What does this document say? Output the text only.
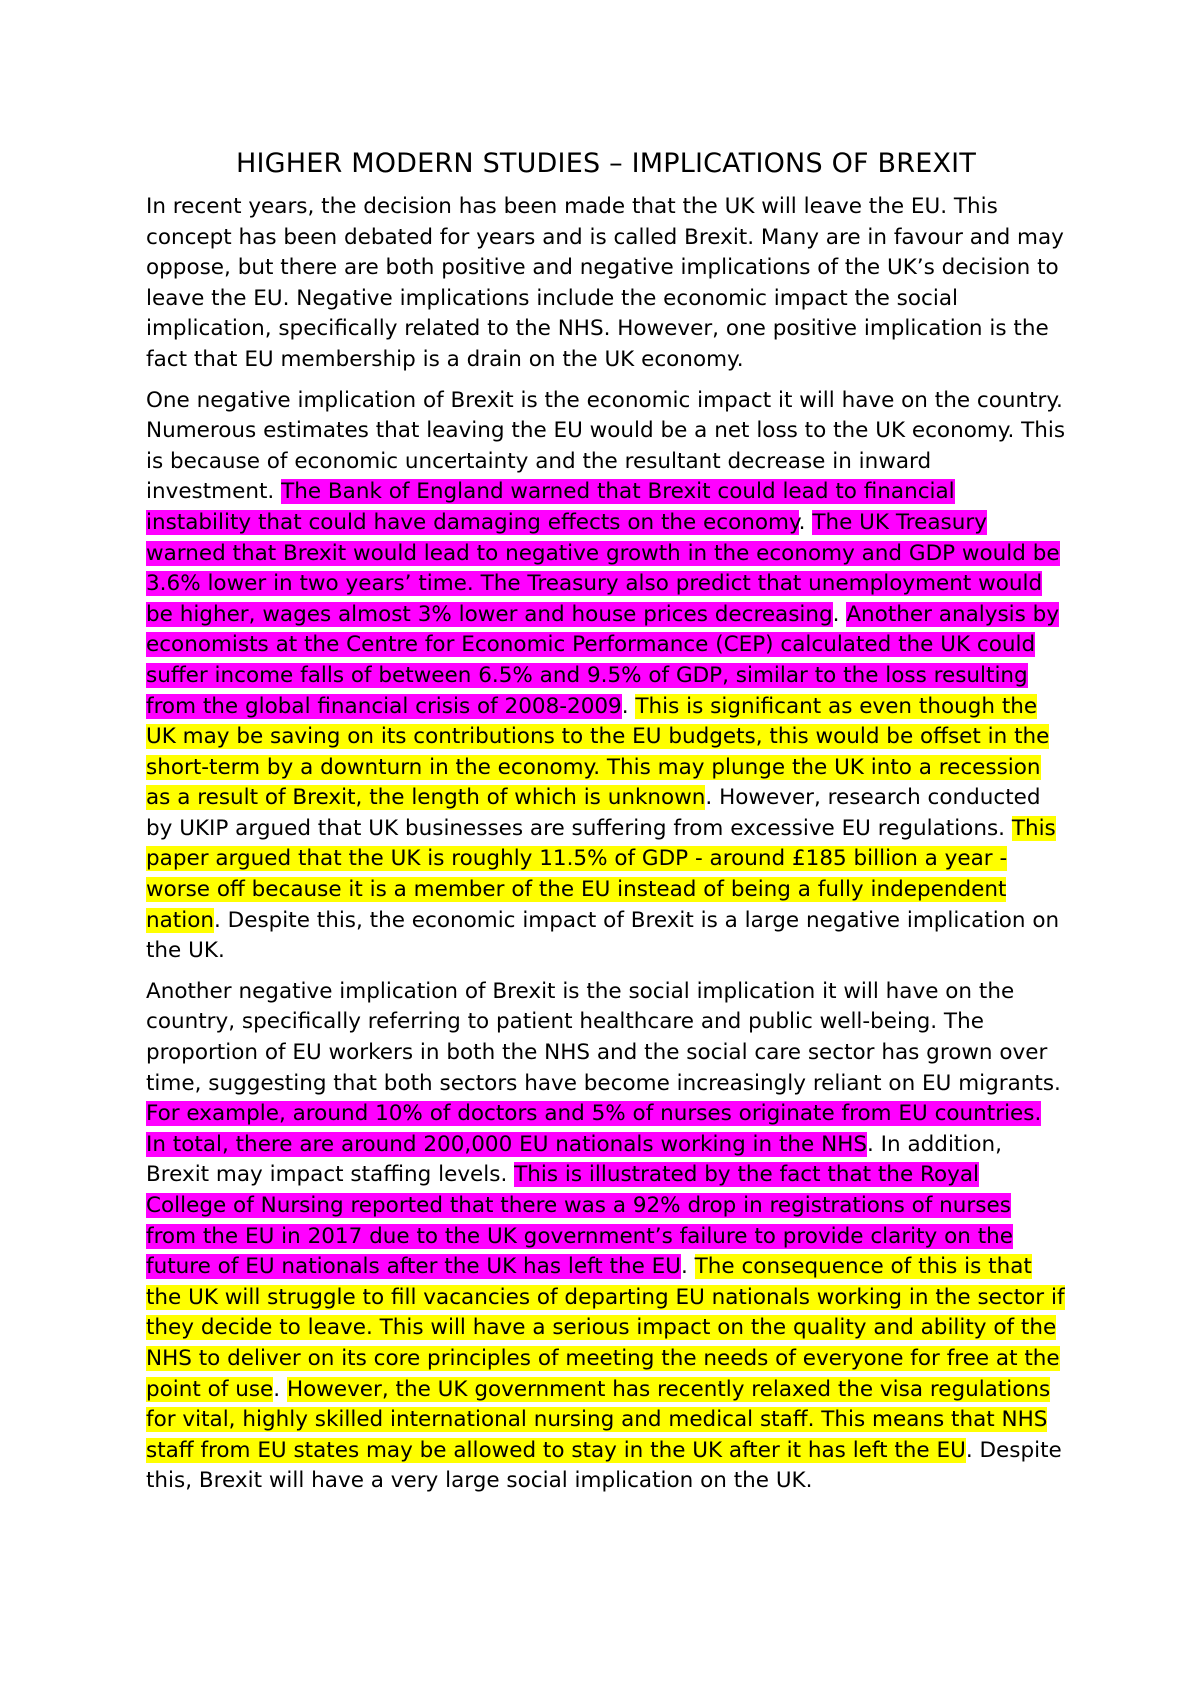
HIGHER MODERN STUDIES – IMPLICATIONS OF BREXIT

In recent years, the decision has been made that the UK will leave the EU. This concept has been debated for years and is called Brexit. Many are in favour and may oppose, but there are both positive and negative implications of the UK’s decision to leave the EU. Negative implications include the economic impact the social implication, specifically related to the NHS. However, one positive implication is the fact that EU membership is a drain on the UK economy.

One negative implication of Brexit is the economic impact it will have on the country. Numerous estimates that leaving the EU would be a net loss to the UK economy. This is because of economic uncertainty and the resultant decrease in inward investment. The Bank of England warned that Brexit could lead to financial instability that could have damaging effects on the economy. The UK Treasury warned that Brexit would lead to negative growth in the economy and GDP would be 3.6% lower in two years’ time. The Treasury also predict that unemployment would be higher, wages almost 3% lower and house prices decreasing. Another analysis by economists at the Centre for Economic Performance (CEP) calculated the UK could suffer income falls of between 6.5% and 9.5% of GDP, similar to the loss resulting from the global financial crisis of 2008-2009. This is significant as even though the UK may be saving on its contributions to the EU budgets, this would be offset in the short-term by a downturn in the economy. This may plunge the UK into a recession as a result of Brexit, the length of which is unknown. However, research conducted by UKIP argued that UK businesses are suffering from excessive EU regulations. This paper argued that the UK is roughly 11.5% of GDP - around £185 billion a year - worse off because it is a member of the EU instead of being a fully independent nation. Despite this, the economic impact of Brexit is a large negative implication on the UK.

Another negative implication of Brexit is the social implication it will have on the country, specifically referring to patient healthcare and public well-being. The proportion of EU workers in both the NHS and the social care sector has grown over time, suggesting that both sectors have become increasingly reliant on EU migrants. For example, around 10% of doctors and 5% of nurses originate from EU countries. In total, there are around 200,000 EU nationals working in the NHS. In addition, Brexit may impact staffing levels. This is illustrated by the fact that the Royal College of Nursing reported that there was a 92% drop in registrations of nurses from the EU in 2017 due to the UK government’s failure to provide clarity on the future of EU nationals after the UK has left the EU. The consequence of this is that the UK will struggle to fill vacancies of departing EU nationals working in the sector if they decide to leave. This will have a serious impact on the quality and ability of the NHS to deliver on its core principles of meeting the needs of everyone for free at the point of use. However, the UK government has recently relaxed the visa regulations for vital, highly skilled international nursing and medical staff. This means that NHS staff from EU states may be allowed to stay in the UK after it has left the EU. Despite this, Brexit will have a very large social implication on the UK.
